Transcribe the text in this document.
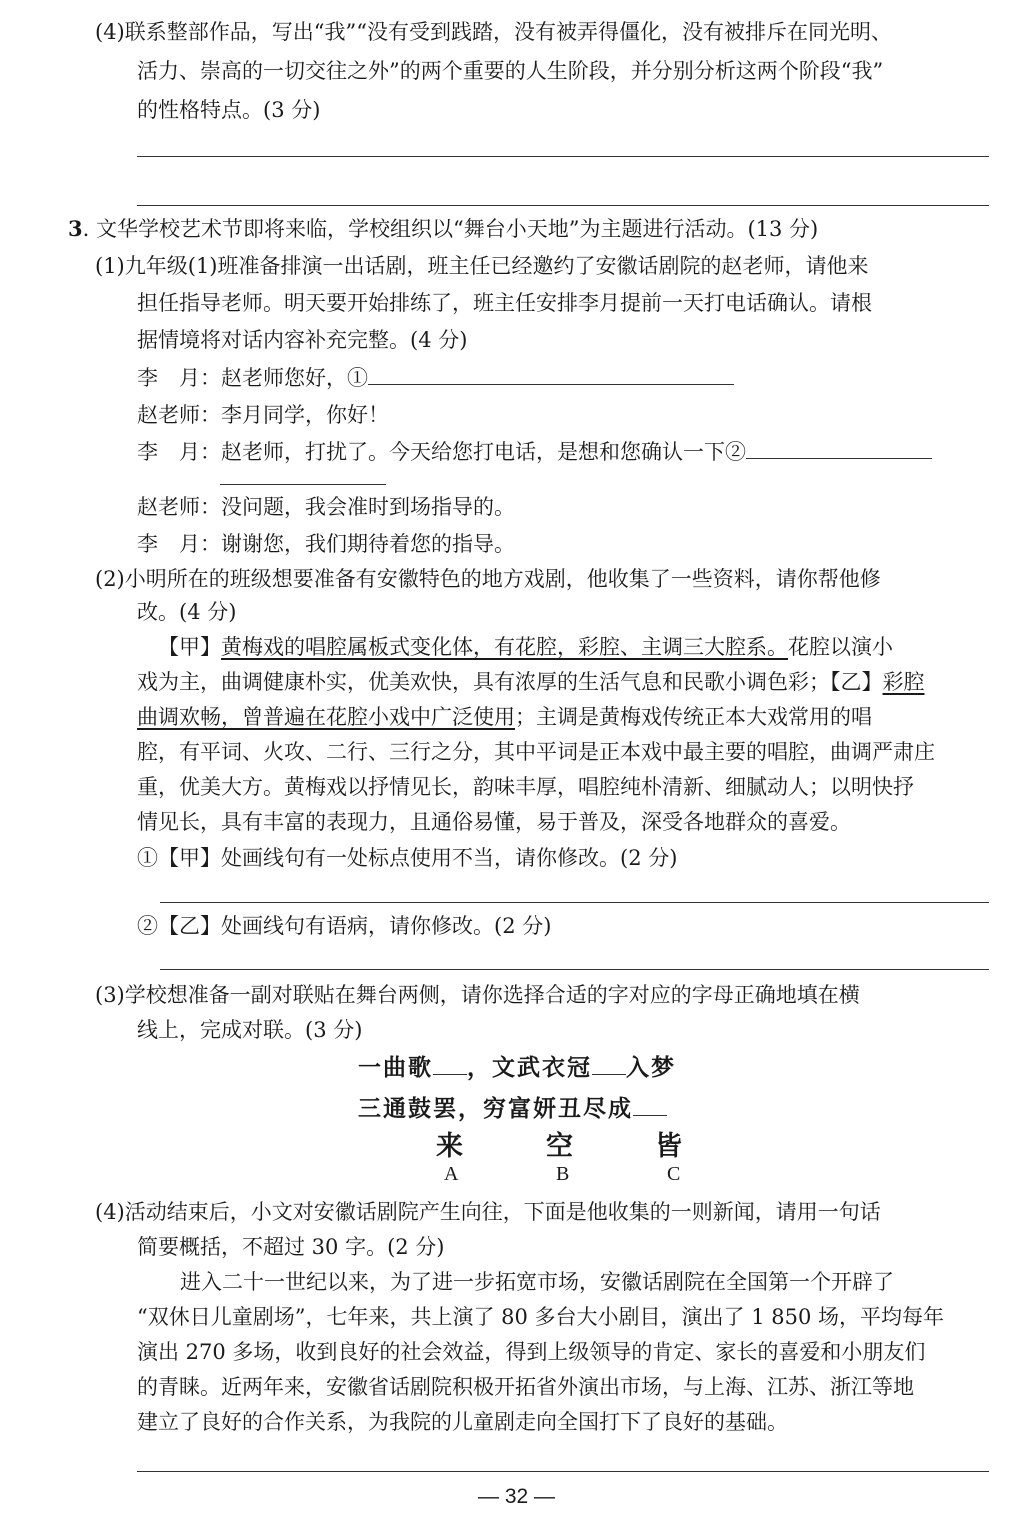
(4)联系整部作品，写出“我”“没有受到践踏，没有被弄得僵化，没有被排斥在同光明、
活力、崇高的一切交往之外”的两个重要的人生阶段，并分别分析这两个阶段“我”
的性格特点。(3 分)
3. 文华学校艺术节即将来临，学校组织以“舞台小天地”为主题进行活动。(13 分)
(1)九年级(1)班准备排演一出话剧，班主任已经邀约了安徽话剧院的赵老师，请他来
担任指导老师。明天要开始排练了，班主任安排李月提前一天打电话确认。请根
据情境将对话内容补充完整。(4 分)
李　月：赵老师您好，①
赵老师：李月同学，你好！
李　月：赵老师，打扰了。今天给您打电话，是想和您确认一下②
赵老师：没问题，我会准时到场指导的。
李　月：谢谢您，我们期待着您的指导。
(2)小明所在的班级想要准备有安徽特色的地方戏剧，他收集了一些资料，请你帮他修
改。(4 分)
【甲】黄梅戏的唱腔属板式变化体，有花腔，彩腔、主调三大腔系。花腔以演小
戏为主，曲调健康朴实，优美欢快，具有浓厚的生活气息和民歌小调色彩；【乙】彩腔
曲调欢畅，曾普遍在花腔小戏中广泛使用；主调是黄梅戏传统正本大戏常用的唱
腔，有平词、火攻、二行、三行之分，其中平词是正本戏中最主要的唱腔，曲调严肃庄
重，优美大方。黄梅戏以抒情见长，韵味丰厚，唱腔纯朴清新、细腻动人；以明快抒
情见长，具有丰富的表现力，且通俗易懂，易于普及，深受各地群众的喜爱。
①【甲】处画线句有一处标点使用不当，请你修改。(2 分)
②【乙】处画线句有语病，请你修改。(2 分)
(3)学校想准备一副对联贴在舞台两侧，请你选择合适的字对应的字母正确地填在横
线上，完成对联。(3 分)
一曲歌 ，文武衣冠 入梦
三通鼓罢，穷富妍丑尽成
来	空	皆
A	B	C
(4)活动结束后，小文对安徽话剧院产生向往，下面是他收集的一则新闻，请用一句话
简要概括，不超过 30 字。(2 分)
进入二十一世纪以来，为了进一步拓宽市场，安徽话剧院在全国第一个开辟了
“双休日儿童剧场”，七年来，共上演了 80 多台大小剧目，演出了 1 850 场，平均每年
演出 270 多场，收到良好的社会效益，得到上级领导的肯定、家长的喜爱和小朋友们
的青睐。近两年来，安徽省话剧院积极开拓省外演出市场，与上海、江苏、浙江等地
建立了良好的合作关系，为我院的儿童剧走向全国打下了良好的基础。
— 32 —
